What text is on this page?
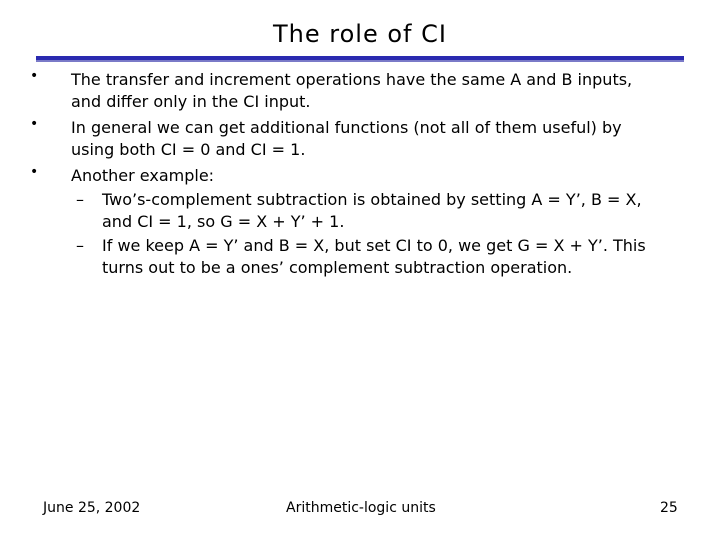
The role of CI
• The transfer and increment operations have the same A and B inputs,
and differ only in the CI input.
• In general we can get additional functions (not all of them useful) by
using both CI = 0 and CI = 1.
• Another example:
– Two’s-complement subtraction is obtained by setting A = Y’, B = X,
and CI = 1, so G = X + Y’ + 1.
– If we keep A = Y’ and B = X, but set CI to 0, we get G = X + Y’. This
turns out to be a ones’ complement subtraction operation.
June 25, 2002	Arithmetic-logic units	25
